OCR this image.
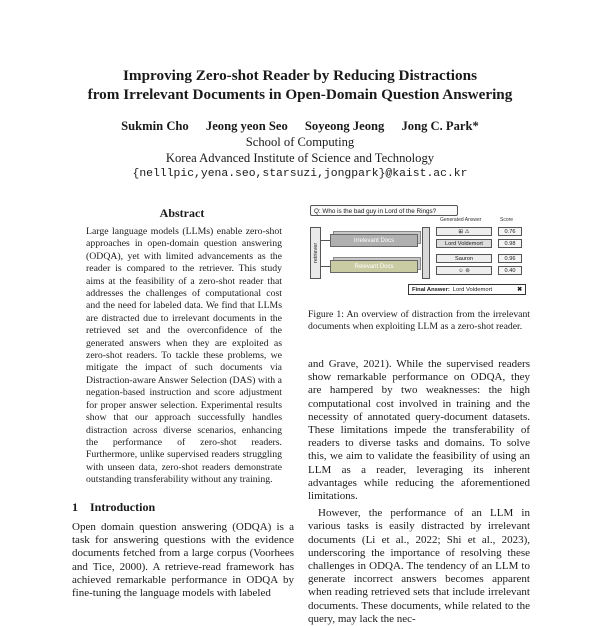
Improving Zero-shot Reader by Reducing Distractions
from Irrelevant Documents in Open-Domain Question Answering
Sukmin Cho Jeong yeon Seo Soyeong Jeong Jong C. Park*
School of Computing
Korea Advanced Institute of Science and Technology
{nelllpic,yena.seo,starsuzi,jongpark}@kaist.ac.kr
Abstract
Large language models (LLMs) enable zero-shot approaches in open-domain question answering (ODQA), yet with limited advancements as the reader is compared to the retriever. This study aims at the feasibility of a zero-shot reader that addresses the challenges of computational cost and the need for labeled data. We find that LLMs are distracted due to irrelevant documents in the retrieved set and the overconfidence of the generated answers when they are exploited as zero-shot readers. To tackle these problems, we mitigate the impact of such documents via Distraction-aware Answer Selection (DAS) with a negation-based instruction and score adjustment for proper answer selection. Experimental results show that our approach successfully handles distraction across diverse scenarios, enhancing the performance of zero-shot readers. Furthermore, unlike supervised readers struggling with unseen data, zero-shot readers demonstrate outstanding transferability without any training.
1 Introduction
Open domain question answering (ODQA) is a task for answering questions with the evidence documents fetched from a large corpus (Voorhees and Tice, 2000). A retrieve-read framework has achieved remarkable performance in ODQA by fine-tuning the language models with labeled
Q: Who is the bad guy in Lord of the Rings?
retriever
Irrelevant Docs
Relevant Docs
Generated Answer	Score
⊞ ⚠	0.76
Lord Voldemort	0.98
Sauron	0.96
☺ ⊚	0.40
Final Answer: Lord Voldemort	✖
Figure 1: An overview of distraction from the irrelevant documents when exploiting LLM as a zero-shot reader.

and Grave, 2021). While the supervised readers show remarkable performance on ODQA, they are hampered by two weaknesses: the high computational cost involved in training and the necessity of annotated query-document datasets. These limitations impede the transferability of readers to diverse tasks and domains. To solve this, we aim to validate the feasibility of using an LLM as a reader, leveraging its inherent advantages while reducing the aforementioned limitations.

However, the performance of an LLM in various tasks is easily distracted by irrelevant documents (Li et al., 2022; Shi et al., 2023), underscoring the importance of resolving these challenges in ODQA. The tendency of an LLM to generate incorrect answers becomes apparent when reading retrieved sets that include irrelevant documents. These documents, while related to the query, may lack the nec-
